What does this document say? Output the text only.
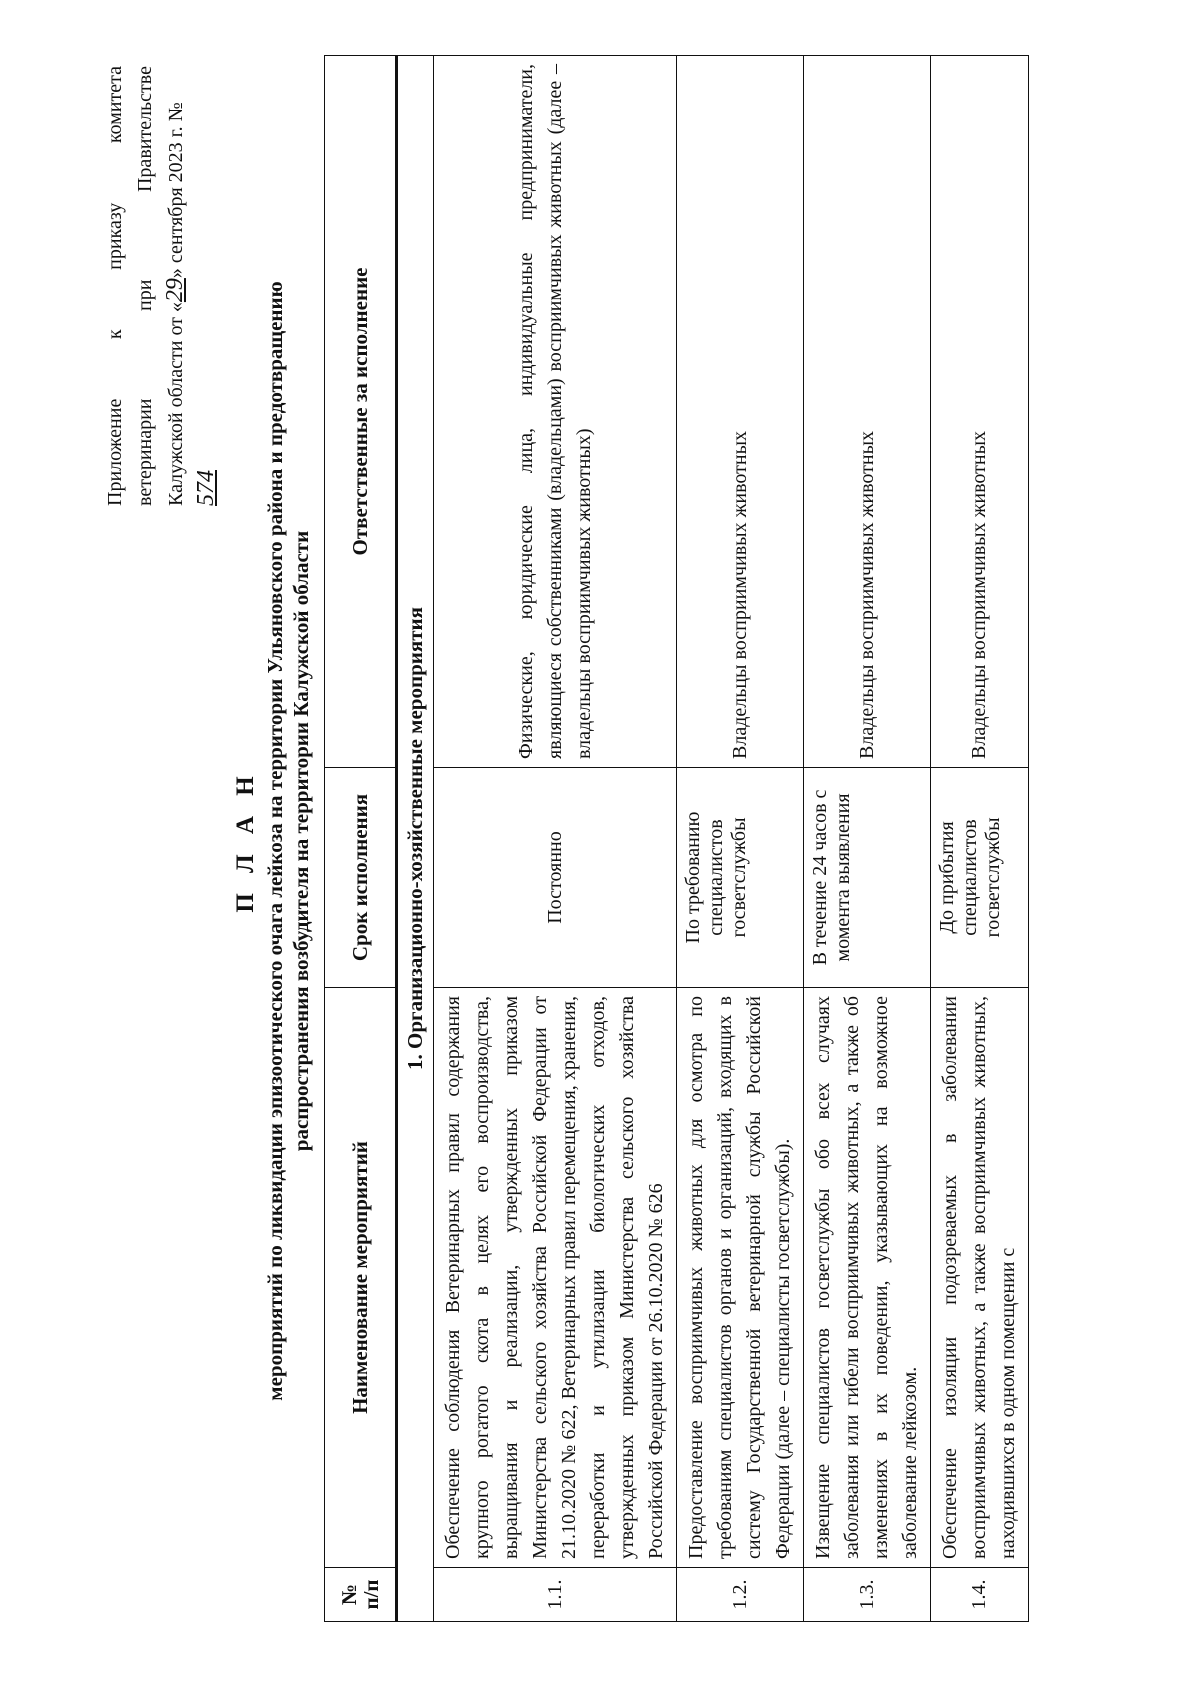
Приложение к приказу комитета ветеринарии при Правительстве Калужской области от «29» сентября 2023 г. № 574
П Л А Н мероприятий по ликвидации эпизоотического очага лейкоза на территории Ульяновского района и предотвращению распространения возбудителя на территории Калужской области
№
п/п	Наименование мероприятий	Срок исполнения	Ответственные за исполнение
1. Организационно-хозяйственные мероприятия			
1.1.	Обеспечение соблюдения Ветеринарных правил содержания крупного рогатого скота в целях его воспроизводства, выращивания и реализации, утвержденных приказом Министерства сельского хозяйства Российской Федерации от 21.10.2020 № 622, Ветеринарных правил перемещения, хранения, переработки и утилизации биологических отходов, утвержденных приказом Министерства сельского хозяйства Российской Федерации от 26.10.2020 № 626	Постоянно	Физические, юридические лица, индивидуальные предприниматели, являющиеся собственниками (владельцами) восприимчивых животных (далее – владельцы восприимчивых животных)
1.2.	Предоставление восприимчивых животных для осмотра по требованиям специалистов органов и организаций, входящих в систему Государственной ветеринарной службы Российской Федерации (далее – специалисты госветслужбы).	По требованию специалистов госветслужбы	Владельцы восприимчивых животных
1.3.	Извещение специалистов госветслужбы обо всех случаях заболевания или гибели восприимчивых животных, а также об изменениях в их поведении, указывающих на возможное заболевание лейкозом.	В течение 24 часов с момента выявления	Владельцы восприимчивых животных
1.4.	Обеспечение изоляции подозреваемых в заболевании восприимчивых животных, а также восприимчивых животных, находившихся в одном помещении с	До прибытия специалистов госветслужбы	Владельцы восприимчивых животных
